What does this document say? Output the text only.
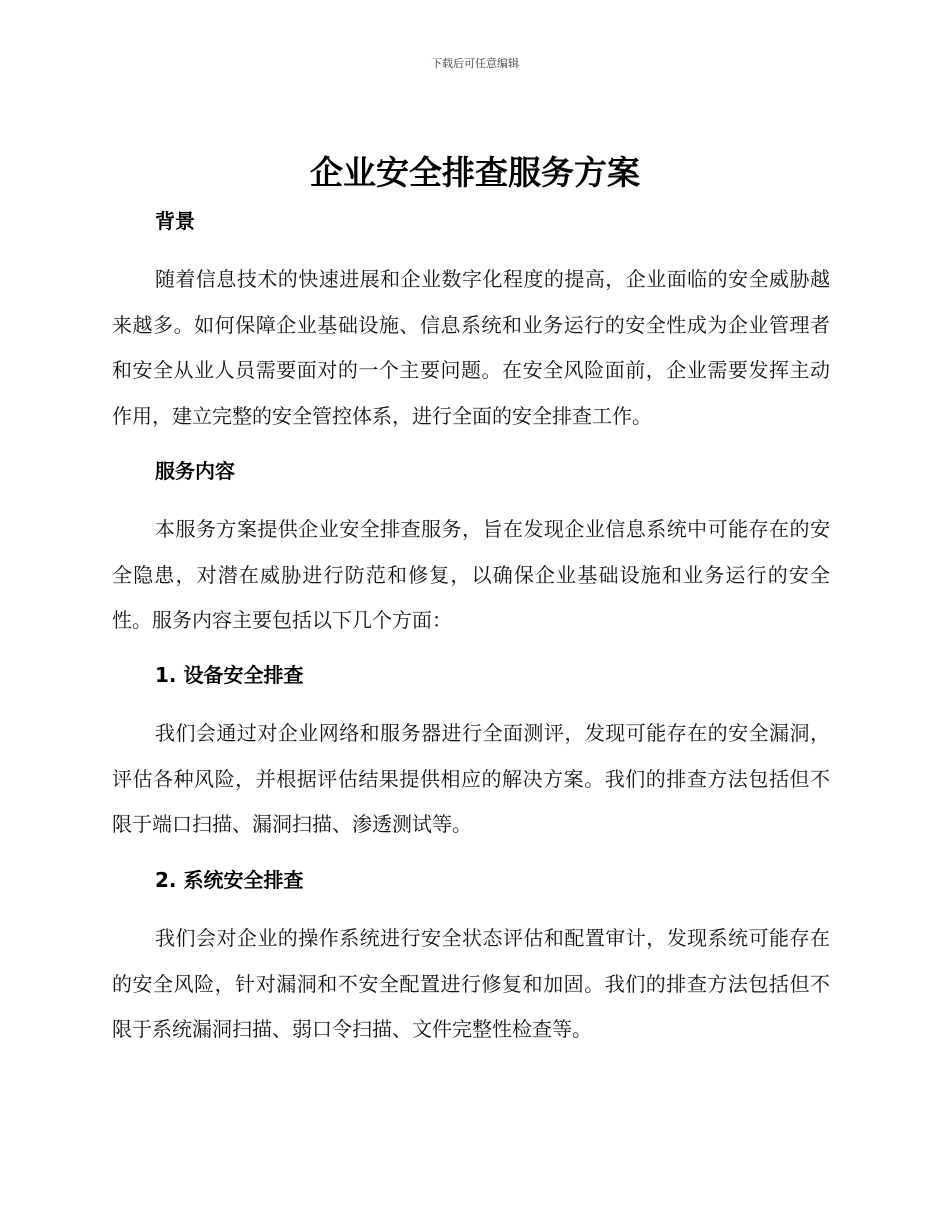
下载后可任意编辑
企业安全排查服务方案
背景

随着信息技术的快速进展和企业数字化程度的提高，企业面临的安全威胁越来越多。如何保障企业基础设施、信息系统和业务运行的安全性成为企业管理者和安全从业人员需要面对的一个主要问题。在安全风险面前，企业需要发挥主动作用，建立完整的安全管控体系，进行全面的安全排查工作。

服务内容

本服务方案提供企业安全排查服务，旨在发现企业信息系统中可能存在的安全隐患，对潜在威胁进行防范和修复，以确保企业基础设施和业务运行的安全性。服务内容主要包括以下几个方面：

1. 设备安全排查

我们会通过对企业网络和服务器进行全面测评，发现可能存在的安全漏洞，评估各种风险，并根据评估结果提供相应的解决方案。我们的排查方法包括但不限于端口扫描、漏洞扫描、渗透测试等。

2. 系统安全排查

我们会对企业的操作系统进行安全状态评估和配置审计，发现系统可能存在的安全风险，针对漏洞和不安全配置进行修复和加固。我们的排查方法包括但不限于系统漏洞扫描、弱口令扫描、文件完整性检查等。
